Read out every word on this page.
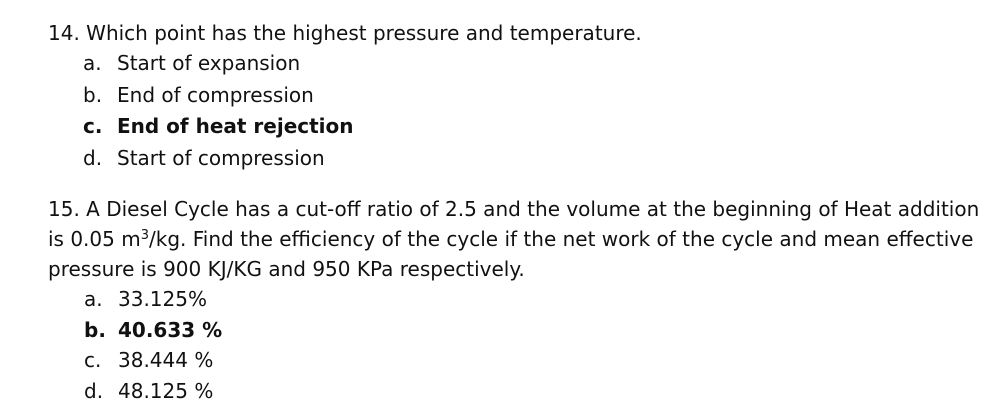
14. Which point has the highest pressure and temperature.

a. Start of expansion
b. End of compression
c. End of heat rejection
d. Start of compression

15. A Diesel Cycle has a cut-off ratio of 2.5 and the volume at the beginning of Heat addition is 0.05 $m^3/kg$. Find the efficiency of the cycle if the net work of the cycle and mean effective pressure is 900 KJ/KG and 950 KPa respectively.

a. 33.125%
b. 40.633 %
c. 38.444 %
d. 48.125 %
